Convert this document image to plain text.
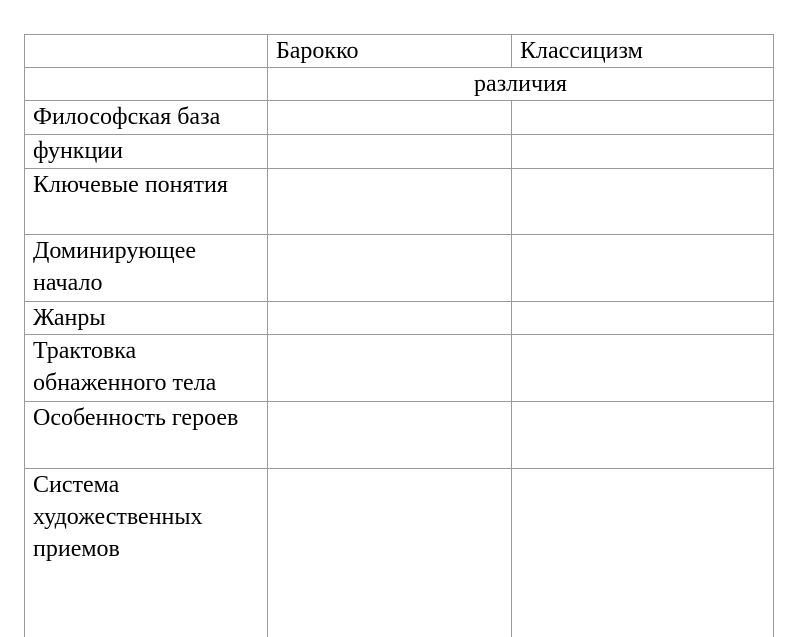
	Барокко	Классицизм
	различия	
Философская база		
функции		
Ключевые понятия		
Доминирующее начало		
Жанры		
Трактовка обнаженного тела		
Особенность героев		
Система художественных приемов		
